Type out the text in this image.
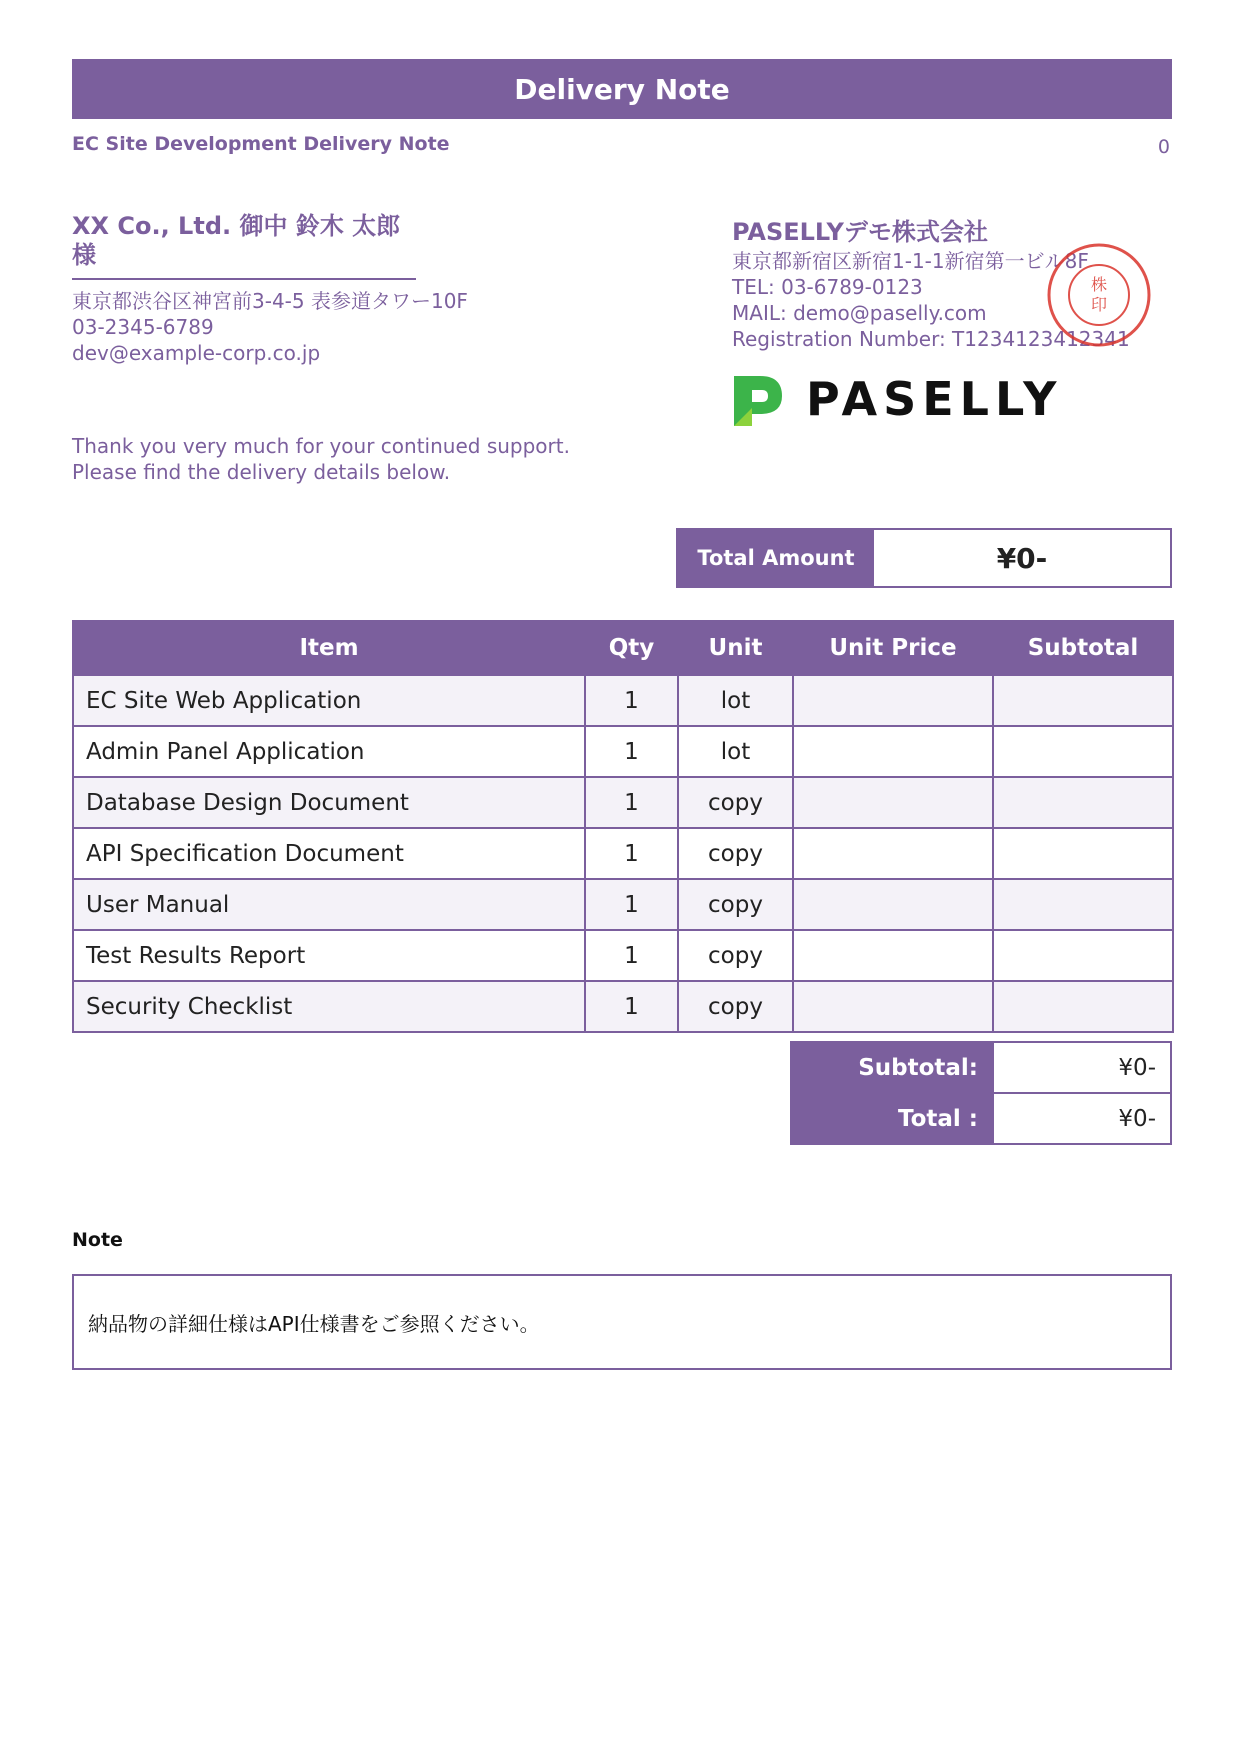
Delivery Note
EC Site Development Delivery Note	0
XX Co., Ltd. 御中 鈴木 太郎 様
東京都渋谷区神宮前3-4-5 表参道タワー10F
03-2345-6789
dev@example-corp.co.jp
Thank you very much for your continued support.
Please find the delivery details below.
PASELLYデモ株式会社
東京都新宿区新宿1-1-1新宿第一ビル8F
TEL: 03-6789-0123
MAIL: demo@paselly.com
Registration Number: T1234123412341
株
印
PASELLY
Total Amount	¥0-
Item	Qty	Unit	Unit Price	Subtotal
EC Site Web Application	1	lot		
Admin Panel Application	1	lot		
Database Design Document	1	copy		
API Specification Document	1	copy		
User Manual	1	copy		
Test Results Report	1	copy		
Security Checklist	1	copy		
Subtotal:	¥0-
Total :	¥0-
Note
納品物の詳細仕様はAPI仕様書をご参照ください。
